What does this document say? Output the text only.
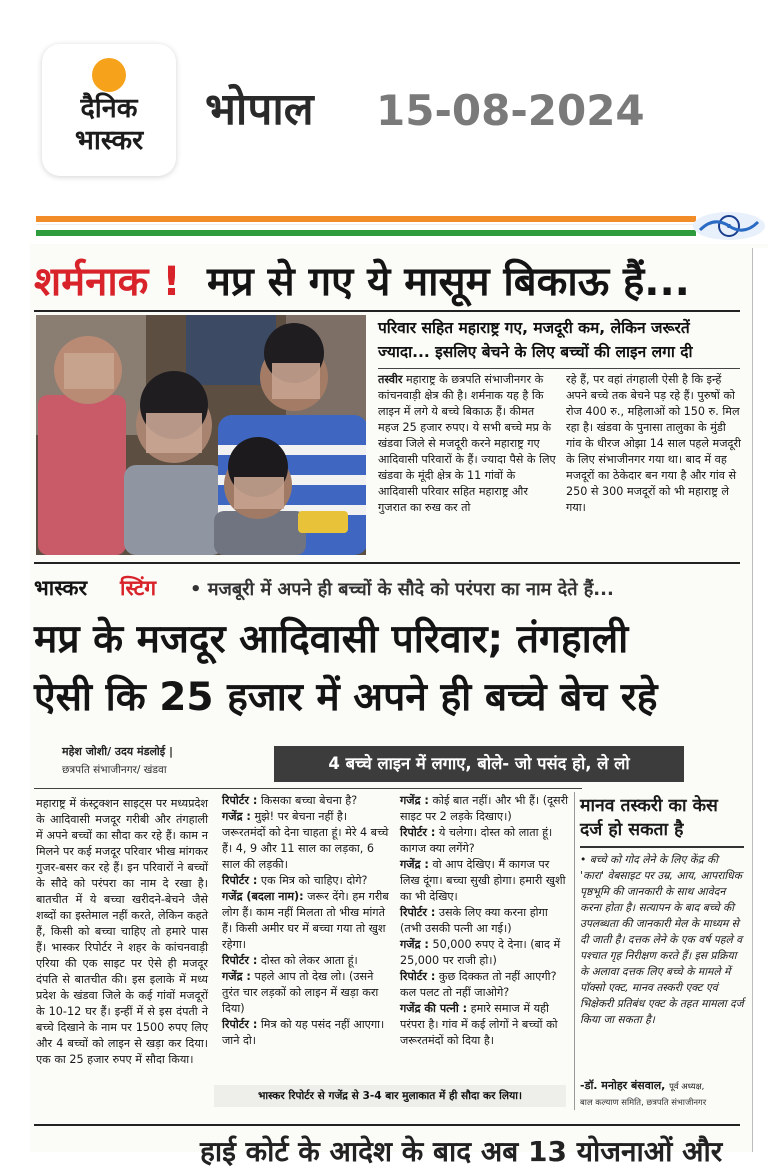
दैनिक
भास्कर
भोपाल 15-08-2024
शर्मनाक ! मप्र से गए ये मासूम बिकाऊ हैं...
परिवार सहित महाराष्ट्र गए, मजदूरी कम, लेकिन जरूरतें ज्यादा... इसलिए बेचने के लिए बच्चों की लाइन लगा दी
तस्वीर महाराष्ट्र के छत्रपति संभाजीनगर के कांचनवाड़ी क्षेत्र की है। शर्मनाक यह है कि लाइन में लगे ये बच्चे बिकाऊ हैं। कीमत महज 25 हजार रुपए। ये सभी बच्चे मप्र के खंडवा जिले से मजदूरी करने महाराष्ट्र गए आदिवासी परिवारों के हैं। ज्यादा पैसे के लिए खंडवा के मूंदी क्षेत्र के 11 गांवों के आदिवासी परिवार सहित महाराष्ट्र और गुजरात का रुख कर तो
रहे हैं, पर वहां तंगहाली ऐसी है कि इन्हें अपने बच्चे तक बेचने पड़ रहे हैं। पुरुषों को रोज 400 रु., महिलाओं को 150 रु. मिल रहा है। खंडवा के पुनासा तालुका के मुंडी गांव के धीरज ओझा 14 साल पहले मजदूरी के लिए संभाजीनगर गया था। बाद में वह मजदूरों का ठेकेदार बन गया है और गांव से 250 से 300 मजदूरों को भी महाराष्ट्र ले गया।
भास्कर स्टिंग • मजबूरी में अपने ही बच्चों के सौदे को परंपरा का नाम देते हैं...
मप्र के मजदूर आदिवासी परिवार; तंगहाली
ऐसी कि 25 हजार में अपने ही बच्चे बेच रहे
महेश जोशी/ उदय मंडलोई |
छत्रपति संभाजीनगर/ खंडवा	4 बच्चे लाइन में लगाए, बोले- जो पसंद हो, ले लो
महाराष्ट्र में कंस्ट्रक्शन साइट्स पर मध्यप्रदेश के आदिवासी मजदूर गरीबी और तंगहाली में अपने बच्चों का सौदा कर रहे हैं। काम न मिलने पर कई मजदूर परिवार भीख मांगकर गुजर-बसर कर रहे हैं। इन परिवारों ने बच्चों के सौदे को परंपरा का नाम दे रखा है। बातचीत में ये बच्चा खरीदने-बेचने जैसे शब्दों का इस्तेमाल नहीं करते, लेकिन कहते हैं, किसी को बच्चा चाहिए तो हमारे पास हैं। भास्कर रिपोर्टर ने शहर के कांचनवाड़ी एरिया की एक साइट पर ऐसे ही मजदूर दंपति से बातचीत की। इस इलाके में मध्य प्रदेश के खंडवा जिले के कई गांवों मजदूरों के 10-12 घर हैं। इन्हीं में से इस दंपती ने बच्चे दिखाने के नाम पर 1500 रुपए लिए और 4 बच्चों को लाइन से खड़ा कर दिया। एक का 25 हजार रुपए में सौदा किया।
रिपोर्टर : किसका बच्चा बेचना है?
गजेंद्र : मुझे! पर बेचना नहीं है। जरूरतमंदों को देना चाहता हूं। मेरे 4 बच्चे हैं। 4, 9 और 11 साल का लड़का, 6 साल की लड़की।
रिपोर्टर : एक मित्र को चाहिए। दोगे?
गजेंद्र (बदला नाम): जरूर देंगे। हम गरीब लोग हैं। काम नहीं मिलता तो भीख मांगते हैं। किसी अमीर घर में बच्चा गया तो खुश रहेगा।
रिपोर्टर : दोस्त को लेकर आता हूं।
गजेंद्र : पहले आप तो देख लो। (उसने तुरंत चार लड़कों को लाइन में खड़ा करा दिया)
रिपोर्टर : मित्र को यह पसंद नहीं आएगा। जाने दो।
गजेंद्र : कोई बात नहीं। और भी हैं। (दूसरी साइट पर 2 लड़के दिखाए।)
रिपोर्टर : ये चलेगा। दोस्त को लाता हूं। कागज क्या लगेंगे?
गजेंद्र : वो आप देखिए। मैं कागज पर लिख दूंगा। बच्चा सुखी होगा। हमारी खुशी का भी देखिए।
रिपोर्टर : उसके लिए क्या करना होगा (तभी उसकी पत्नी आ गई।)
गजेंद्र : 50,000 रुपए दे देना। (बाद में 25,000 पर राजी हो।)
रिपोर्टर : कुछ दिक्कत तो नहीं आएगी? कल पलट तो नहीं जाओगे?
गजेंद्र की पत्नी : हमारे समाज में यही परंपरा है। गांव में कई लोगों ने बच्चों को जरूरतमंदों को दिया है।
भास्कर रिपोर्टर से गजेंद्र से 3-4 बार मुलाकात में ही सौदा कर लिया।
मानव तस्करी का केस दर्ज हो सकता है
• बच्चे को गोद लेने के लिए केंद्र की 'कारा' वेबसाइट पर उम्र, आय, आपराधिक पृष्ठभूमि की जानकारी के साथ आवेदन करना होता है। सत्यापन के बाद बच्चे की उपलब्धता की जानकारी मेल के माध्यम से दी जाती है। दत्तक लेने के एक वर्ष पहले व पश्चात गृह निरीक्षण करते हैं। इस प्रक्रिया के अलावा दत्तक लिए बच्चे के मामले में पॉक्सो एक्ट, मानव तस्करी एक्ट एवं भिक्षेकरी प्रतिबंध एक्ट के तहत मामला दर्ज किया जा सकता है।
-डॉ. मनोहर बंसवाल, पूर्व अध्यक्ष,
बाल कल्याण समिति, छत्रपति संभाजीनगर
हाई कोर्ट के आदेश के बाद अब 13 योजनाओं और
